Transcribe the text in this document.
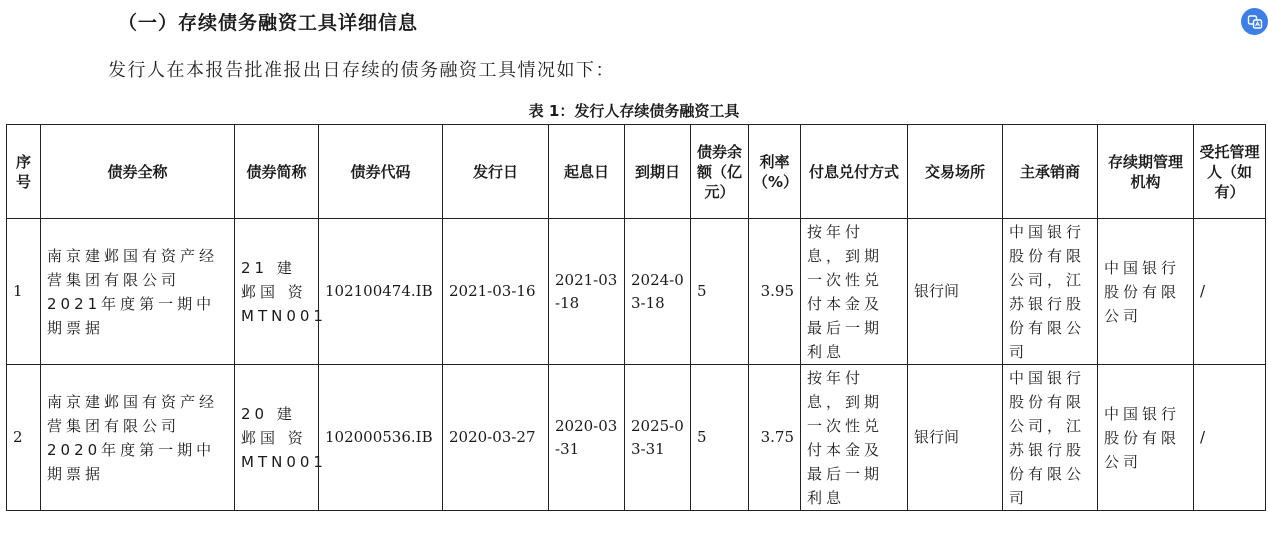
（一）存续债务融资工具详细信息
发行人在本报告批准报出日存续的债务融资工具情况如下：
表 1：发行人存续债务融资工具
序号	债券全称	债券简称	债券代码	发行日	起息日	到期日	债券余额（亿元）	利率（%）	付息兑付方式	交易场所	主承销商	存续期管理机构	受托管理人（如有）
1	南京建邺国有资产经营集团有限公司2021年度第一期中期票据	21 建邺国 资MTN001	102100474.IB	2021-03-16	2021-03-18	2024-03-18	5	3.95	按年付息，到期一次性兑付本金及最后一期利息	银行间	中国银行股份有限公司，江苏银行股份有限公司	中国银行股份有限公司	/
2	南京建邺国有资产经营集团有限公司2020年度第一期中期票据	20 建邺国 资MTN001	102000536.IB	2020-03-27	2020-03-31	2025-03-31	5	3.75	按年付息，到期一次性兑付本金及最后一期利息	银行间	中国银行股份有限公司，江苏银行股份有限公司	中国银行股份有限公司	/
